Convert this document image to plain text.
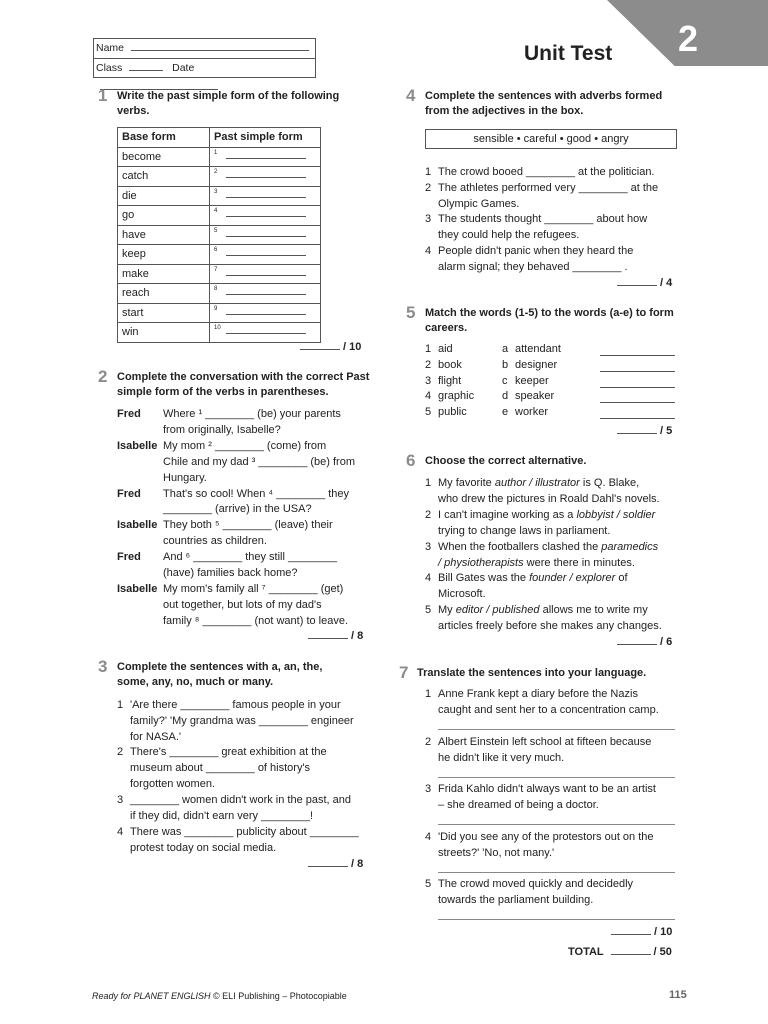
2
Unit Test
Name
Class	Date
1 Write the past simple form of the following verbs.
Base form	Past simple form
become	1

catch	2

die	3

go	4

have	5

keep	6

make	7

reach	8

start	9

win	10
/ 10
2 Complete the conversation with the correct Past simple form of the verbs in parentheses.
Fred Where ¹ ________ (be) your parents
from originally, Isabelle?
Isabelle My mom ² ________ (come) from
Chile and my dad ³ ________ (be) from
Hungary.
Fred That's so cool! When ⁴ ________ they
________ (arrive) in the USA?
Isabelle They both ⁵ ________ (leave) their
countries as children.
Fred And ⁶ ________ they still ________
(have) families back home?
Isabelle My mom's family all ⁷ ________ (get)
out together, but lots of my dad's
family ⁸ ________ (not want) to leave.
/ 8
3 Complete the sentences with a, an, the,
some, any, no, much or many.
1 'Are there ________ famous people in your
family?' 'My grandma was ________ engineer
for NASA.'
2 There's ________ great exhibition at the
museum about ________ of history's
forgotten women.
3 ________ women didn't work in the past, and
if they did, didn't earn very ________!
4 There was ________ publicity about ________
protest today on social media.
/ 8
4 Complete the sentences with adverbs formed from the adjectives in the box.
sensible • careful • good • angry
1 The crowd booed ________ at the politician.
2 The athletes performed very ________ at the
Olympic Games.
3 The students thought ________ about how
they could help the refugees.
4 People didn't panic when they heard the
alarm signal; they behaved ________ .
/ 4
5 Match the words (1-5) to the words (a-e) to form careers.
1 aid	a attendant
2 book	b designer
3 flight	c keeper
4 graphic	d speaker
5 public	e worker
/ 5
6 Choose the correct alternative.
1 My favorite author / illustrator is Q. Blake,
who drew the pictures in Roald Dahl's novels.
2 I can't imagine working as a lobbyist / soldier
trying to change laws in parliament.
3 When the footballers clashed the paramedics
/ physiotherapists were there in minutes.
4 Bill Gates was the founder / explorer of
Microsoft.
5 My editor / published allows me to write my
articles freely before she makes any changes.
/ 6
7 Translate the sentences into your language.
1 Anne Frank kept a diary before the Nazis
caught and sent her to a concentration camp.
2 Albert Einstein left school at fifteen because
he didn't like it very much.
3 Frida Kahlo didn't always want to be an artist
– she dreamed of being a doctor.
4 'Did you see any of the protestors out on the
streets?' 'No, not many.'
5 The crowd moved quickly and decidedly
towards the parliament building.
/ 10
TOTAL	/ 50
Ready for PLANET ENGLISH © ELI Publishing – Photocopiable	115
